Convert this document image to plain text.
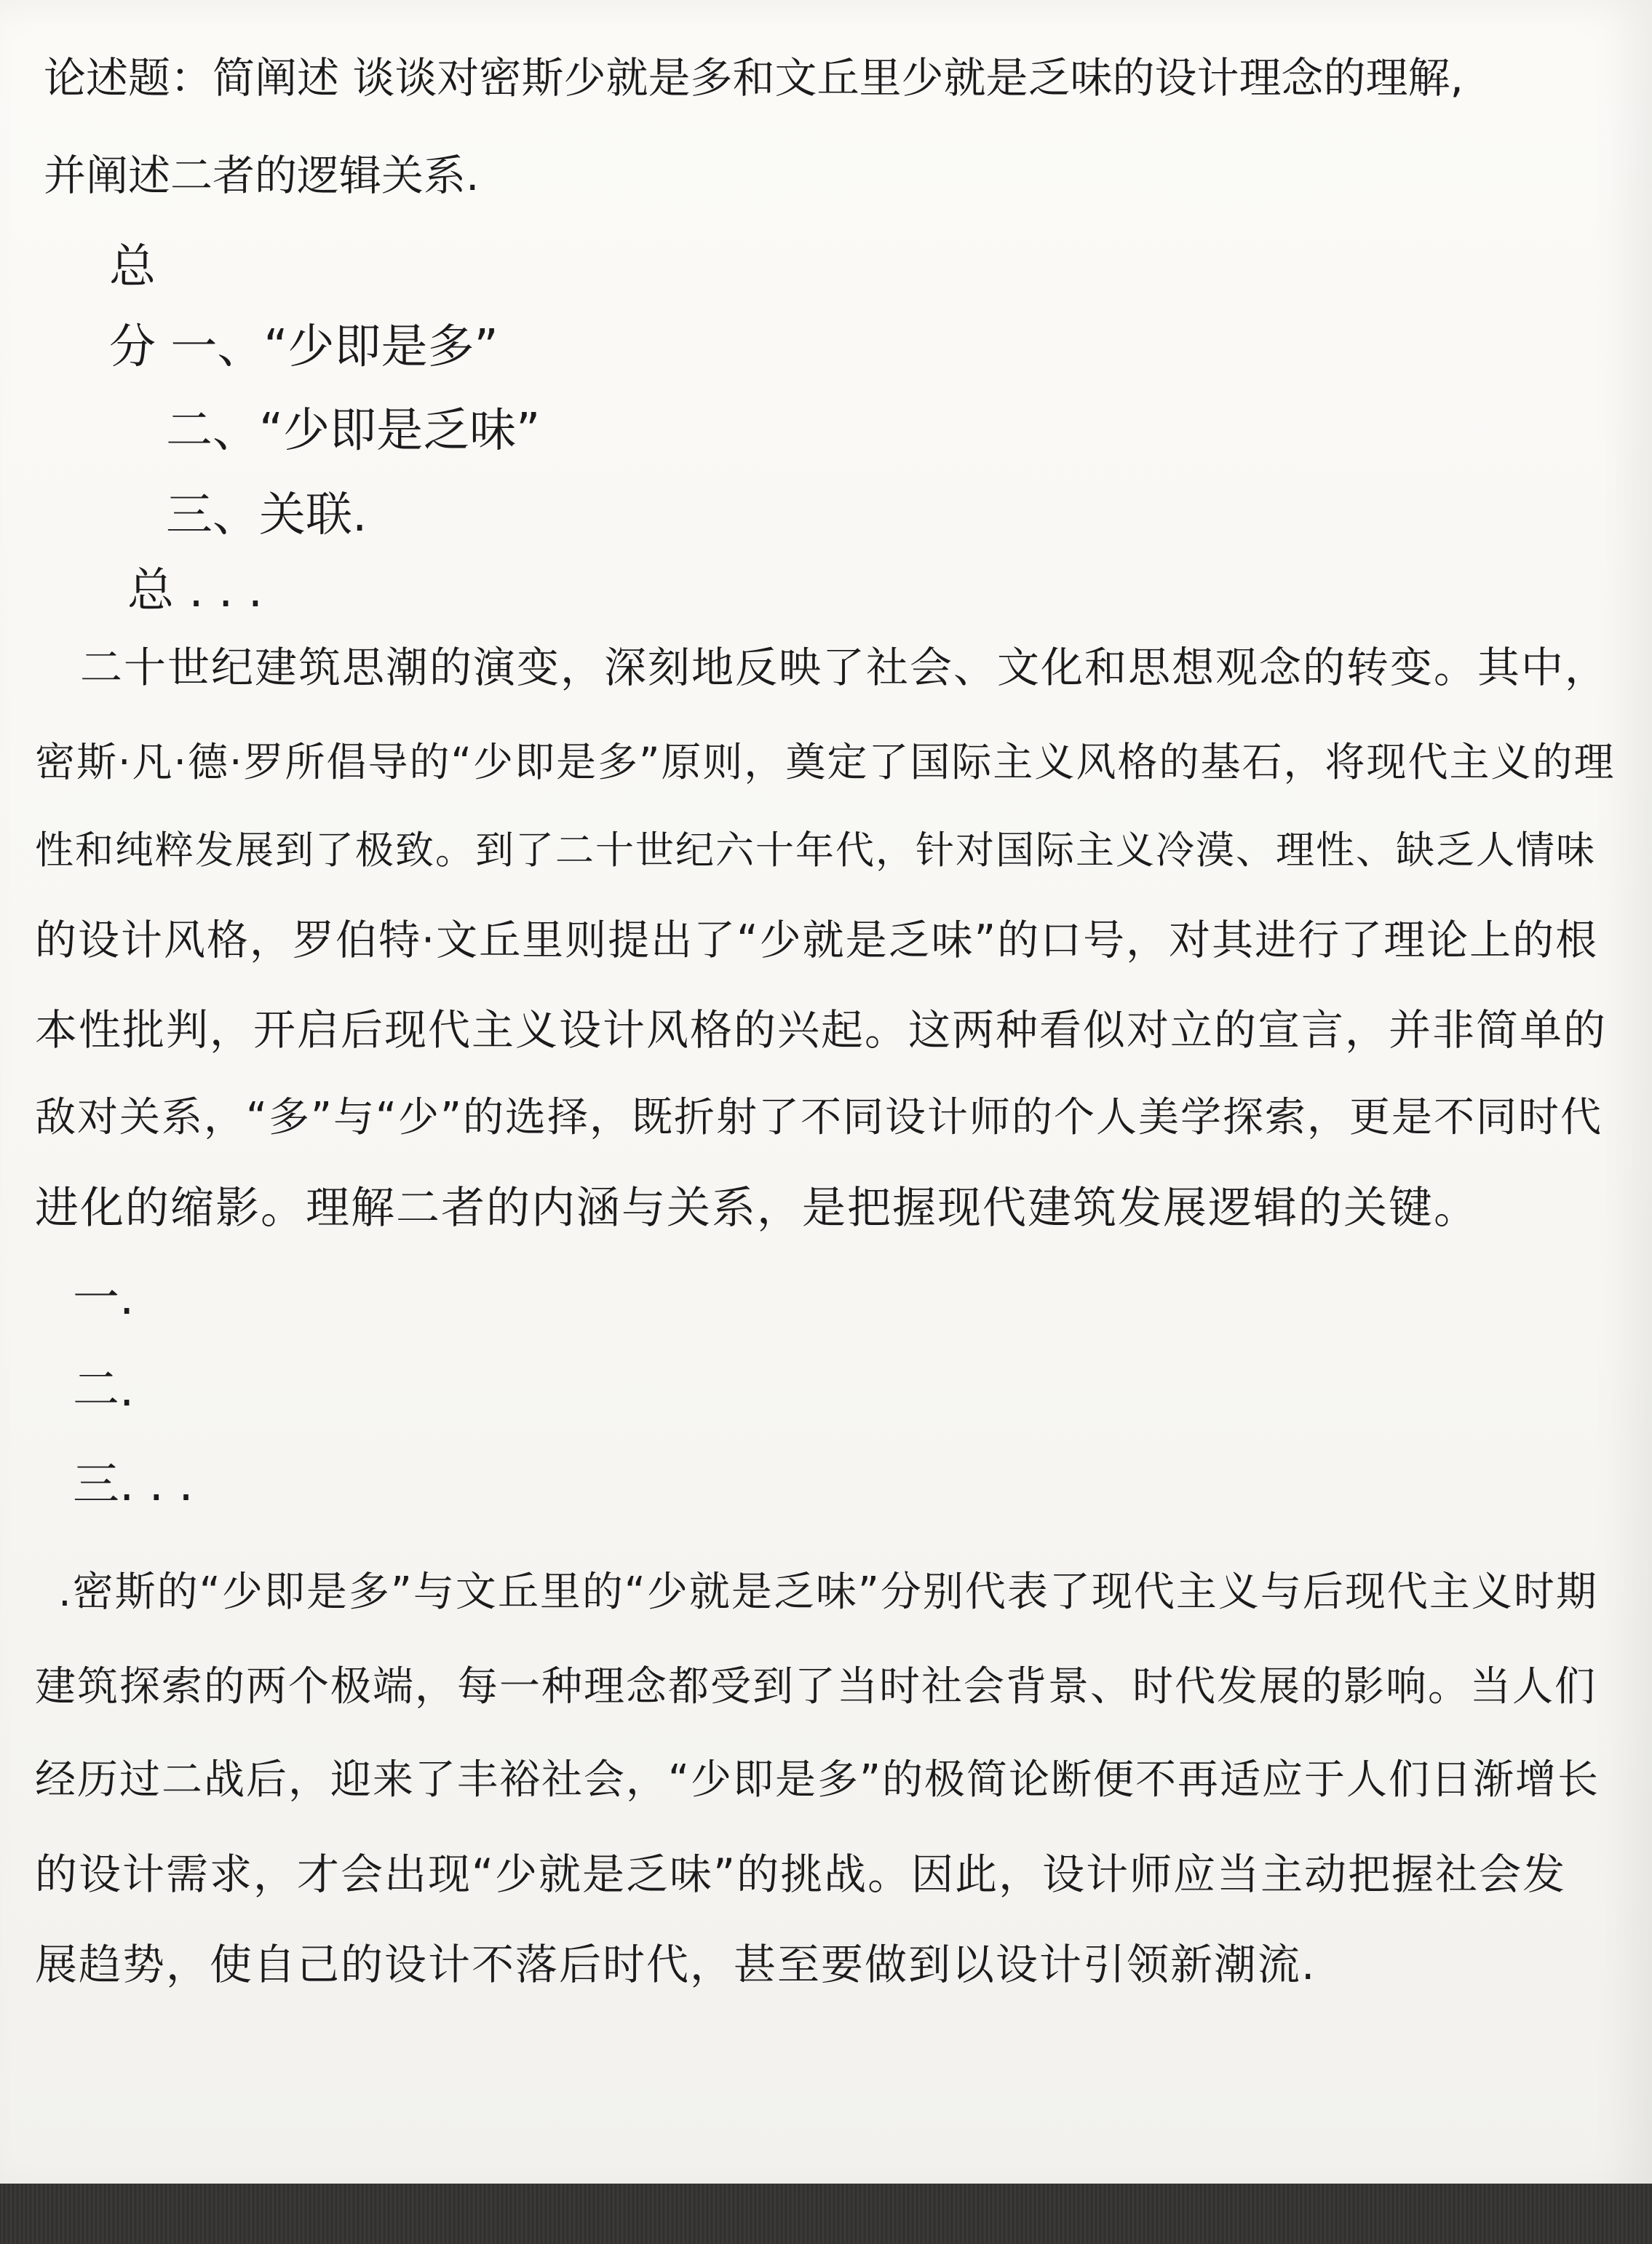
论述题：简阐述 谈谈对密斯少就是多和文丘里少就是乏味的设计理念的理解,
并阐述二者的逻辑关系.
总
分 一、“少即是多”
二、“少即是乏味”
三、关联.
总 . . .
二十世纪建筑思潮的演变，深刻地反映了社会、文化和思想观念的转变。其中，
密斯·凡·德·罗所倡导的“少即是多”原则，奠定了国际主义风格的基石，将现代主义的理
性和纯粹发展到了极致。到了二十世纪六十年代，针对国际主义冷漠、理性、缺乏人情味
的设计风格，罗伯特·文丘里则提出了“少就是乏味”的口号，对其进行了理论上的根
本性批判，开启后现代主义设计风格的兴起。这两种看似对立的宣言，并非简单的
敌对关系，“多”与“少”的选择，既折射了不同设计师的个人美学探索，更是不同时代
进化的缩影。理解二者的内涵与关系，是把握现代建筑发展逻辑的关键。
一.
二.
三. . .
.密斯的“少即是多”与文丘里的“少就是乏味”分别代表了现代主义与后现代主义时期
建筑探索的两个极端，每一种理念都受到了当时社会背景、时代发展的影响。当人们
经历过二战后，迎来了丰裕社会，“少即是多”的极简论断便不再适应于人们日渐增长
的设计需求，才会出现“少就是乏味”的挑战。因此，设计师应当主动把握社会发
展趋势，使自己的设计不落后时代，甚至要做到以设计引领新潮流.
